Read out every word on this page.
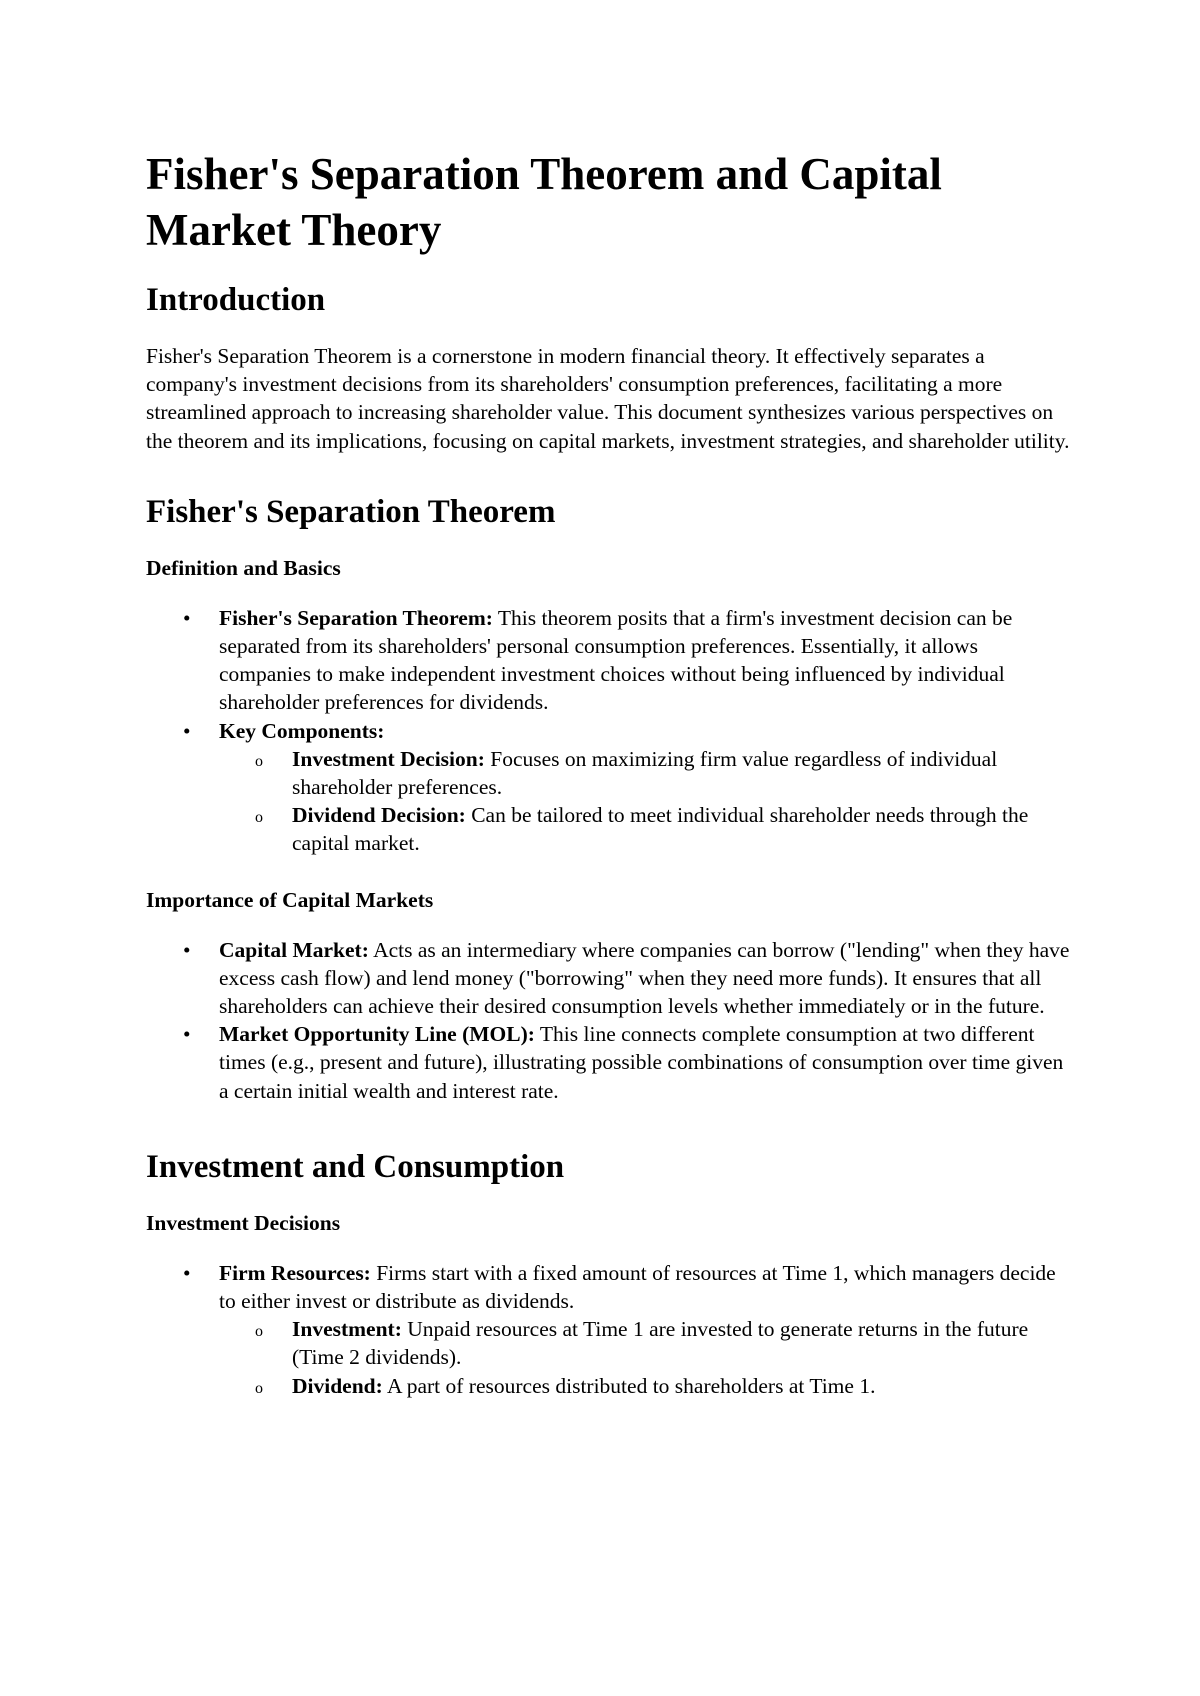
Fisher's Separation Theorem and Capital Market Theory
Introduction

Fisher's Separation Theorem is a cornerstone in modern financial theory. It effectively separates a company's investment decisions from its shareholders' consumption preferences, facilitating a more streamlined approach to increasing shareholder value. This document synthesizes various perspectives on the theorem and its implications, focusing on capital markets, investment strategies, and shareholder utility.

Fisher's Separation Theorem
Definition and Basics
• Fisher's Separation Theorem: This theorem posits that a firm's investment decision can be separated from its shareholders' personal consumption preferences. Essentially, it allows companies to make independent investment choices without being influenced by individual shareholder preferences for dividends.
• Key Components:
o Investment Decision: Focuses on maximizing firm value regardless of individual shareholder preferences.
o Dividend Decision: Can be tailored to meet individual shareholder needs through the capital market.
Importance of Capital Markets
• Capital Market: Acts as an intermediary where companies can borrow ("lending" when they have excess cash flow) and lend money ("borrowing" when they need more funds). It ensures that all shareholders can achieve their desired consumption levels whether immediately or in the future.
• Market Opportunity Line (MOL): This line connects complete consumption at two different times (e.g., present and future), illustrating possible combinations of consumption over time given a certain initial wealth and interest rate.
Investment and Consumption
Investment Decisions
• Firm Resources: Firms start with a fixed amount of resources at Time 1, which managers decide to either invest or distribute as dividends.
o Investment: Unpaid resources at Time 1 are invested to generate returns in the future (Time 2 dividends).
o Dividend: A part of resources distributed to shareholders at Time 1.
